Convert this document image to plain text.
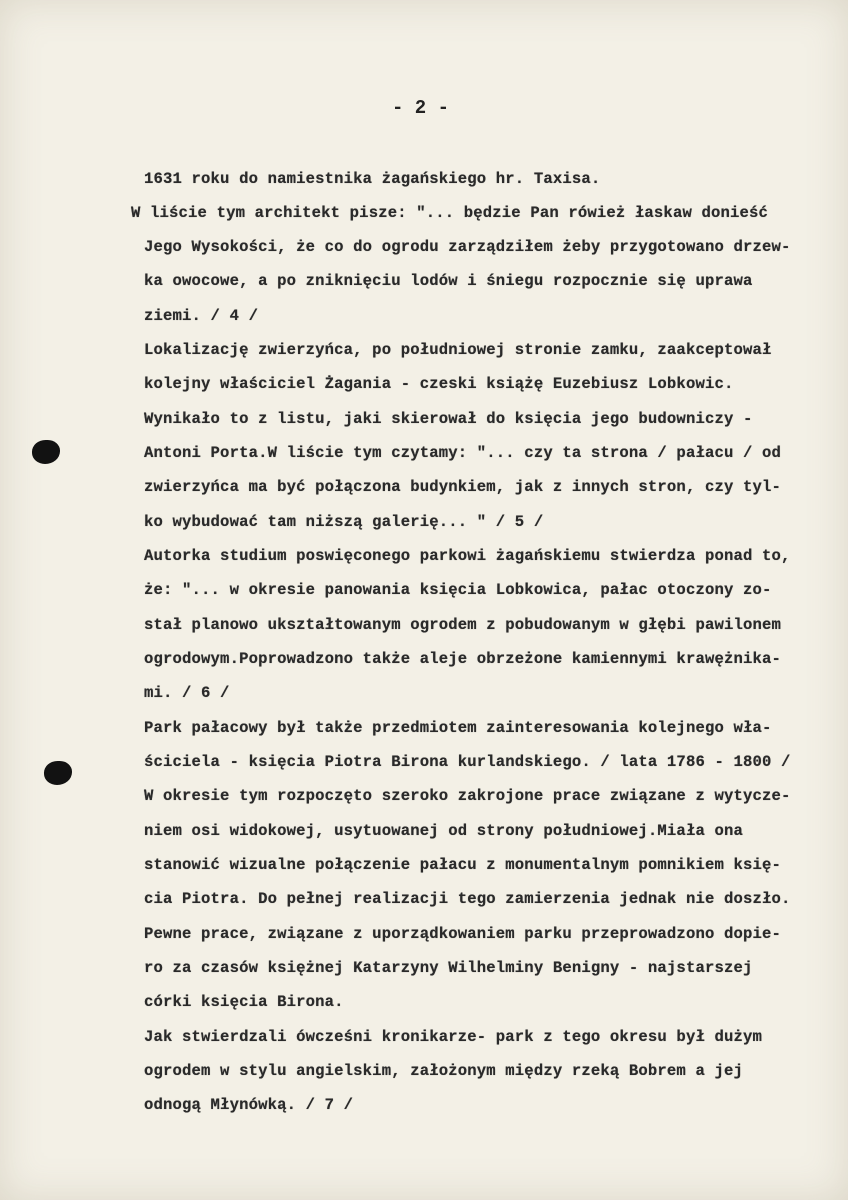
- 2 -
1631 roku do namiestnika żagańskiego hr. Taxisa.
W liście tym architekt pisze: "... będzie Pan rówież łaskaw donieść
Jego Wysokości, że co do ogrodu zarządziłem żeby przygotowano drzew-
ka owocowe, a po zniknięciu lodów i śniegu rozpocznie się uprawa
ziemi. / 4 /
Lokalizację zwierzyńca, po południowej stronie zamku, zaakceptował
kolejny właściciel Żagania - czeski książę Euzebiusz Lobkowic.
Wynikało to z listu, jaki skierował do księcia jego budowniczy -
Antoni Porta.W liście tym czytamy: "... czy ta strona / pałacu / od
zwierzyńca ma być połączona budynkiem, jak z innych stron, czy tyl-
ko wybudować tam niższą galerię... " / 5 /
Autorka studium poswięconego parkowi żagańskiemu stwierdza ponad to,
że: "... w okresie panowania księcia Lobkowica, pałac otoczony zo-
stał planowo ukształtowanym ogrodem z pobudowanym w głębi pawilonem
ogrodowym.Poprowadzono także aleje obrzeżone kamiennymi krawężnika-
mi. / 6 /
Park pałacowy był także przedmiotem zainteresowania kolejnego wła-
ściciela - księcia Piotra Birona kurlandskiego. / lata 1786 - 1800 /
W okresie tym rozpoczęto szeroko zakrojone prace związane z wytycze-
niem osi widokowej, usytuowanej od strony południowej.Miała ona
stanowić wizualne połączenie pałacu z monumentalnym pomnikiem księ-
cia Piotra. Do pełnej realizacji tego zamierzenia jednak nie doszło.
Pewne prace, związane z uporządkowaniem parku przeprowadzono dopie-
ro za czasów księżnej Katarzyny Wilhelminy Benigny - najstarszej
córki księcia Birona.
Jak stwierdzali ówcześni kronikarze- park z tego okresu był dużym
ogrodem w stylu angielskim, założonym między rzeką Bobrem a jej
odnogą Młynówką. / 7 /
